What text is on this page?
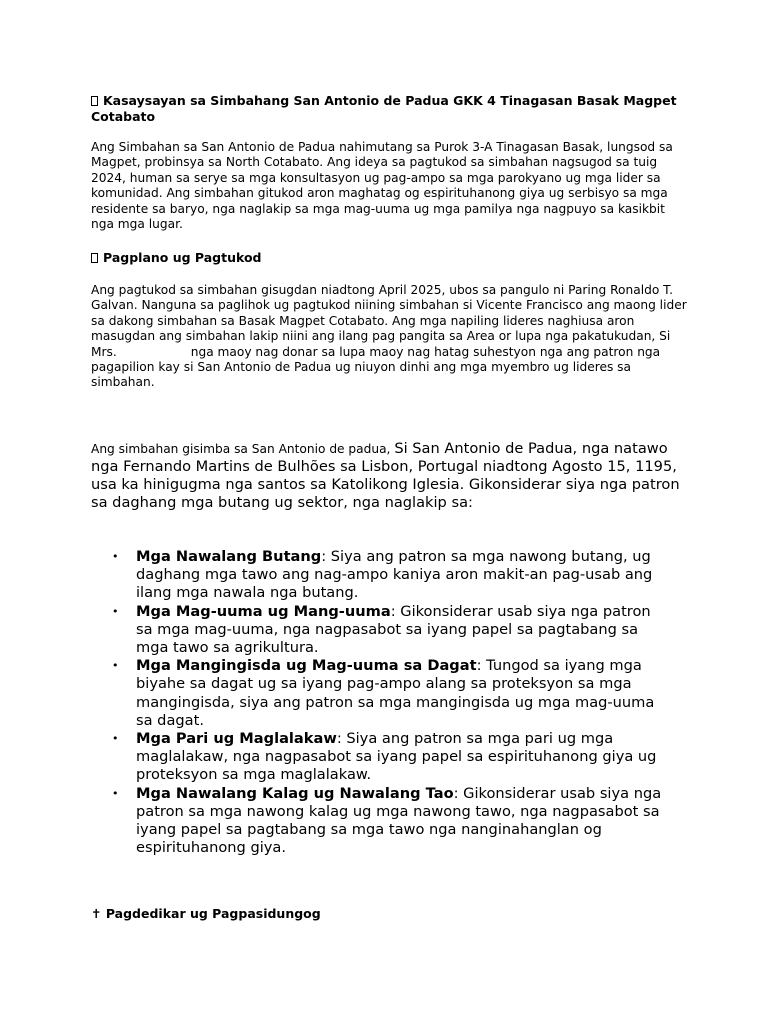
Kasaysayan sa Simbahang San Antonio de Padua GKK 4 Tinagasan Basak Magpet Cotabato

Ang Simbahan sa San Antonio de Padua nahimutang sa Purok 3-A Tinagasan Basak, lungsod sa Magpet, probinsya sa North Cotabato. Ang ideya sa pagtukod sa simbahan nagsugod sa tuig 2024, human sa serye sa mga konsultasyon ug pag-ampo sa mga parokyano ug mga lider sa komunidad. Ang simbahan gitukod aron maghatag og espirituhanong giya ug serbisyo sa mga residente sa baryo, nga naglakip sa mga mag-uuma ug mga pamilya nga nagpuyo sa kasikbit nga mga lugar.

Pagplano ug Pagtukod

Ang pagtukod sa simbahan gisugdan niadtong April 2025, ubos sa pangulo ni Paring Ronaldo T. Galvan. Nanguna sa paglihok ug pagtukod niining simbahan si Vicente Francisco ang maong lider sa dakong simbahan sa Basak Magpet Cotabato. Ang mga napiling lideres naghiusa aron masugdan ang simbahan lakip niini ang ilang pag pangita sa Area or lupa nga pakatukudan, Si Mrs.	nga maoy nag donar sa lupa maoy nag hatag suhestyon nga ang patron nga pagapilion kay si San Antonio de Padua ug niuyon dinhi ang mga myembro ug lideres sa simbahan.

Ang simbahan gisimba sa San Antonio de padua, Si San Antonio de Padua, nga natawo nga Fernando Martins de Bulhões sa Lisbon, Portugal niadtong Agosto 15, 1195, usa ka hinigugma nga santos sa Katolikong Iglesia. Gikonsiderar siya nga patron sa daghang mga butang ug sektor, nga naglakip sa:

• Mga Nawalang Butang: Siya ang patron sa mga nawong butang, ug daghang mga tawo ang nag-ampo kaniya aron makit-an pag-usab ang ilang mga nawala nga butang.
• Mga Mag-uuma ug Mang-uuma: Gikonsiderar usab siya nga patron sa mga mag-uuma, nga nagpasabot sa iyang papel sa pagtabang sa mga tawo sa agrikultura.
• Mga Mangingisda ug Mag-uuma sa Dagat: Tungod sa iyang mga biyahe sa dagat ug sa iyang pag-ampo alang sa proteksyon sa mga mangingisda, siya ang patron sa mga mangingisda ug mga mag-uuma sa dagat.
• Mga Pari ug Maglalakaw: Siya ang patron sa mga pari ug mga maglalakaw, nga nagpasabot sa iyang papel sa espirituhanong giya ug proteksyon sa mga maglalakaw.
• Mga Nawalang Kalag ug Nawalang Tao: Gikonsiderar usab siya nga patron sa mga nawong kalag ug mga nawong tawo, nga nagpasabot sa iyang papel sa pagtabang sa mga tawo nga nanginahanglan og espirituhanong giya.

✝ Pagdedikar ug Pagpasidungog
